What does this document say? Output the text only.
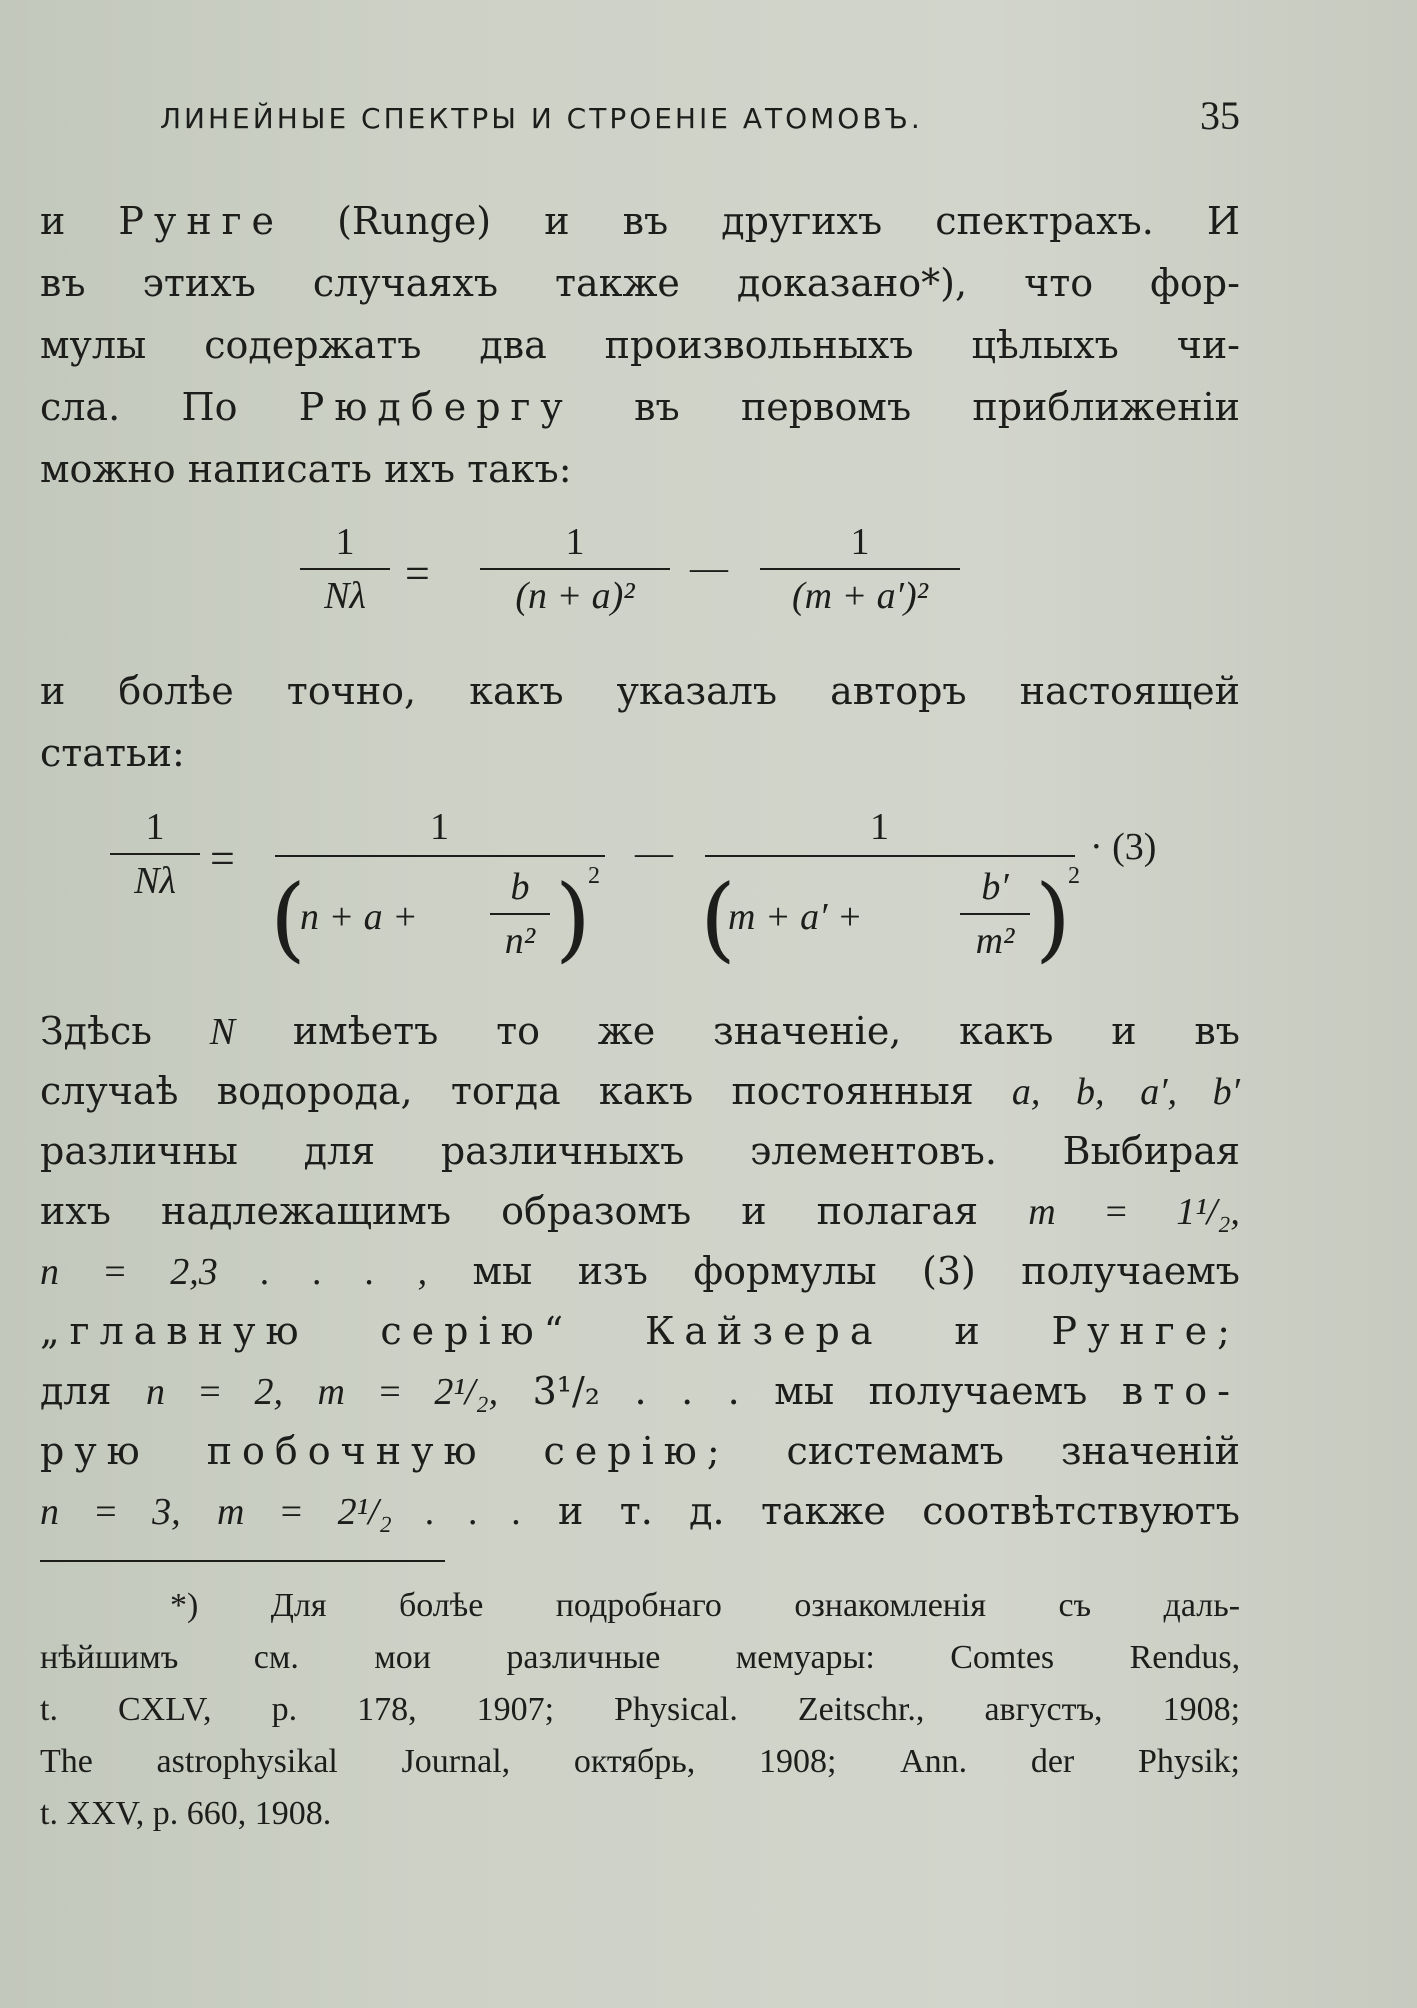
ЛИНЕЙНЫЕ СПЕКТРЫ И СТРОЕНІЕ АТОМОВЪ.	35
и Рунге (Runge) и въ другихъ спектрахъ. И
въ этихъ случаяхъ также доказано*), что фор-
мулы содержатъ два произвольныхъ цѣлыхъ чи-
сла. По Рюдбергу въ первомъ приближеніи
можно написать ихъ такъ:
1
Nλ =
1
(n + a)²
—
1
(m + a′)²
и болѣе точно, какъ указалъ авторъ настоящей
статьи:
1
Nλ =
1
(
n + a +
b
n² )
2
—
1
(
m + a′ +
b′
m² )
2
· (3)
Здѣсь N имѣетъ то же значеніе, какъ и въ
случаѣ водорода, тогда какъ постоянныя a, b, a′, b′
различны для различныхъ элементовъ. Выбирая
ихъ надлежащимъ образомъ и полагая m = 1¹/₂,
n = 2,3 . . . , мы изъ формулы (3) получаемъ
„главную серію“ Кайзера и Рунге;
для n = 2, m = 2¹/₂, 3¹/₂ . . . мы получаемъ вто-
рую побочную серію; системамъ значеній
n = 3, m = 2¹/₂ . . . и т. д. также соотвѣтствуютъ
*) Для болѣе подробнаго ознакомленія съ даль-
нѣйшимъ см. мои различные мемуары: Comtes Rendus,
t. CXLV, p. 178, 1907; Physical. Zeitschr., августъ, 1908;
The astrophysikal Journal, октябрь, 1908; Ann. der Physik;
t. XXV, p. 660, 1908.
